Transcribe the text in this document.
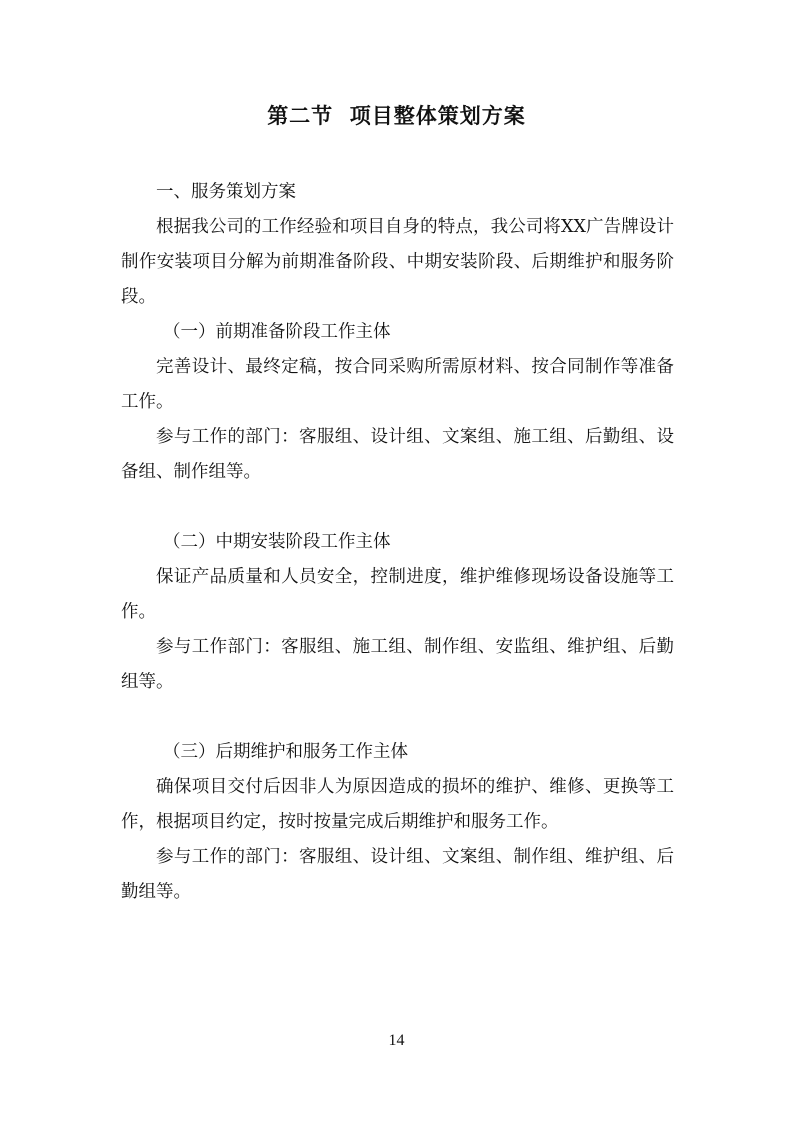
第二节  项目整体策划方案

一、服务策划方案

根据我公司的工作经验和项目自身的特点，我公司将XX广告牌设计制作安装项目分解为前期准备阶段、中期安装阶段、后期维护和服务阶段。

（一）前期准备阶段工作主体

完善设计、最终定稿，按合同采购所需原材料、按合同制作等准备工作。

参与工作的部门：客服组、设计组、文案组、施工组、后勤组、设备组、制作组等。

（二）中期安装阶段工作主体

保证产品质量和人员安全，控制进度，维护维修现场设备设施等工作。

参与工作部门：客服组、施工组、制作组、安监组、维护组、后勤组等。

（三）后期维护和服务工作主体

确保项目交付后因非人为原因造成的损坏的维护、维修、更换等工作，根据项目约定，按时按量完成后期维护和服务工作。

参与工作的部门：客服组、设计组、文案组、制作组、维护组、后勤组等。

14
